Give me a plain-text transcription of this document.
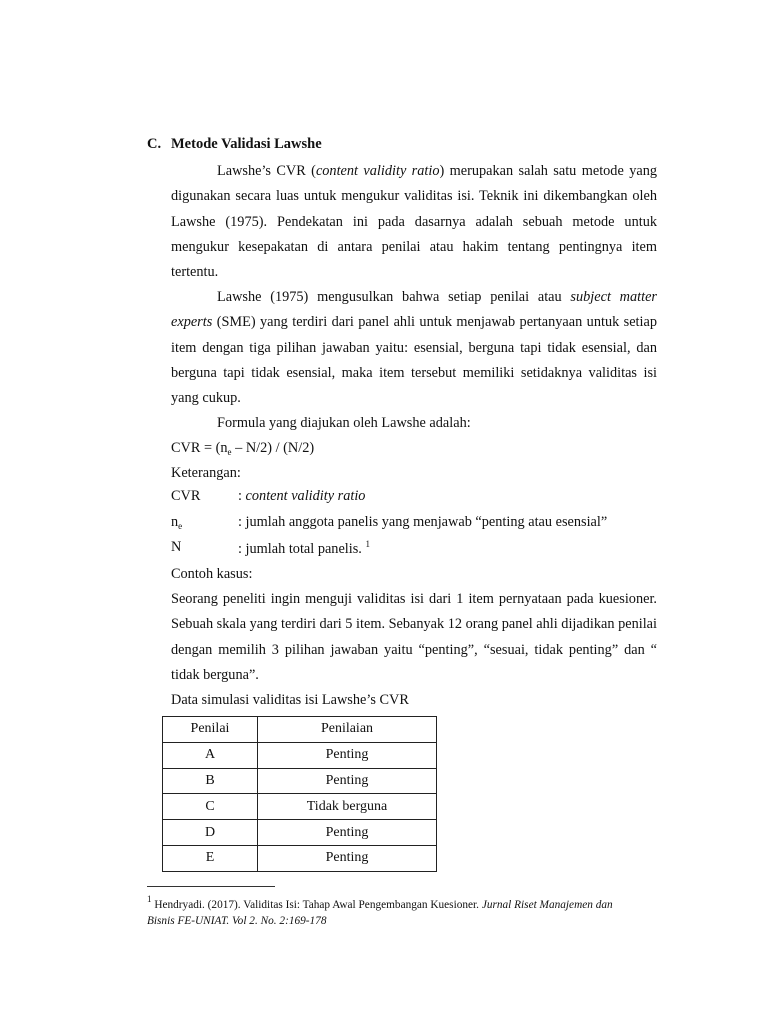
C. Metode Validasi Lawshe

Lawshe’s CVR (content validity ratio) merupakan salah satu metode yang digunakan secara luas untuk mengukur validitas isi. Teknik ini dikembangkan oleh Lawshe (1975). Pendekatan ini pada dasarnya adalah sebuah metode untuk mengukur kesepakatan di antara penilai atau hakim tentang pentingnya item tertentu.

Lawshe (1975) mengusulkan bahwa setiap penilai atau subject matter experts (SME) yang terdiri dari panel ahli untuk menjawab pertanyaan untuk setiap item dengan tiga pilihan jawaban yaitu: esensial, berguna tapi tidak esensial, dan berguna tapi tidak esensial, maka item tersebut memiliki setidaknya validitas isi yang cukup.

Formula yang diajukan oleh Lawshe adalah:
CVR = $(n_e - N/2) / (N/2)$
Keterangan:
CVR	: content validity ratio
$n_e$	: jumlah anggota panelis yang menjawab “penting atau esensial”
N	: jumlah total panelis. $^1$
Contoh kasus:

Seorang peneliti ingin menguji validitas isi dari 1 item pernyataan pada kuesioner. Sebuah skala yang terdiri dari 5 item. Sebanyak 12 orang panel ahli dijadikan penilai dengan memilih 3 pilihan jawaban yaitu “penting”, “sesuai, tidak penting” dan “ tidak berguna”.

Data simulasi validitas isi Lawshe’s CVR
Penilai	Penilaian
A	Penting
B	Penting
C	Tidak berguna
D	Penting
E	Penting
$^1$ Hendryadi. (2017). Validitas Isi: Tahap Awal Pengembangan Kuesioner. Jurnal Riset Manajemen dan Bisnis FE-UNIAT. Vol 2. No. 2:169-178
